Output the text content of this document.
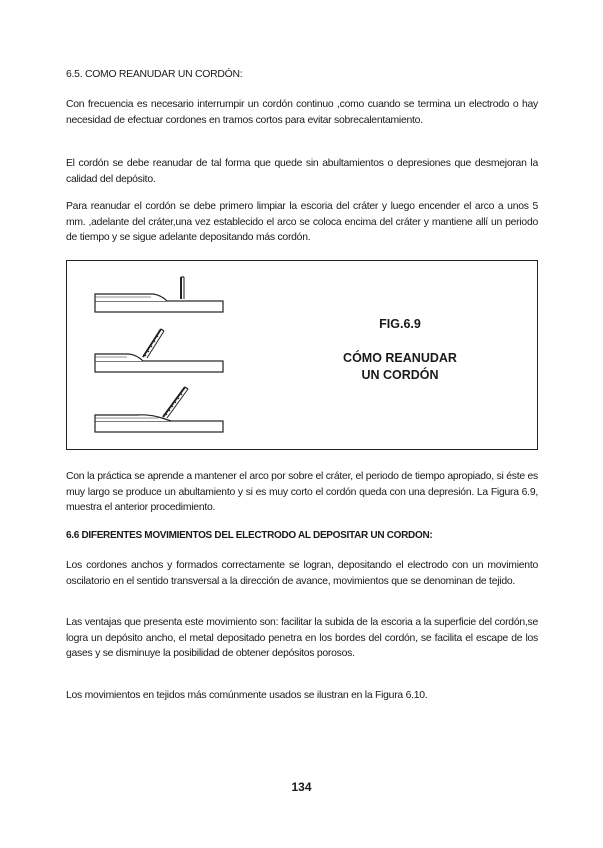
6.5. COMO REANUDAR UN CORDÓN:
Con frecuencia es necesario interrumpir un cordón continuo ,como cuando se termina un electrodo o hay necesidad de efectuar cordones en tramos cortos para evitar sobrecalentamiento.
El cordón se debe reanudar de tal forma que quede sin abultamientos o depresiones que desmejoran la calidad del depósito.
Para reanudar el cordón se debe primero limpiar la escoria del cráter y luego encender el arco a unos 5 mm. ,adelante del cráter,una vez establecido el arco se coloca encima del cráter y mantiene allí un periodo de tiempo y se sigue adelante depositando más cordón.
FIG.6.9
CÓMO REANUDAR
UN CORDÓN
Con la práctica se aprende a mantener el arco por sobre el cráter, el periodo de tiempo apropiado, si éste es muy largo se produce un abultamiento y si es muy corto el cordón queda con una depresión. La Figura 6.9, muestra el anterior procedimiento.
6.6 DIFERENTES MOVIMIENTOS DEL ELECTRODO AL DEPOSITAR UN CORDON:
Los cordones anchos y formados correctamente se logran, depositando el electrodo con un movimiento oscilatorio en el sentido transversal a la dirección de avance, movimientos que se denominan de tejido.
Las ventajas que presenta este movimiento son: facilitar la subida de la escoria a la superficie del cordón,se logra un depósito ancho, el metal depositado penetra en los bordes del cordón, se facilita el escape de los gases y se disminuye la posibilidad de obtener depósitos porosos.
Los movimientos en tejidos más comúnmente usados se ilustran en la Figura 6.10.
134
